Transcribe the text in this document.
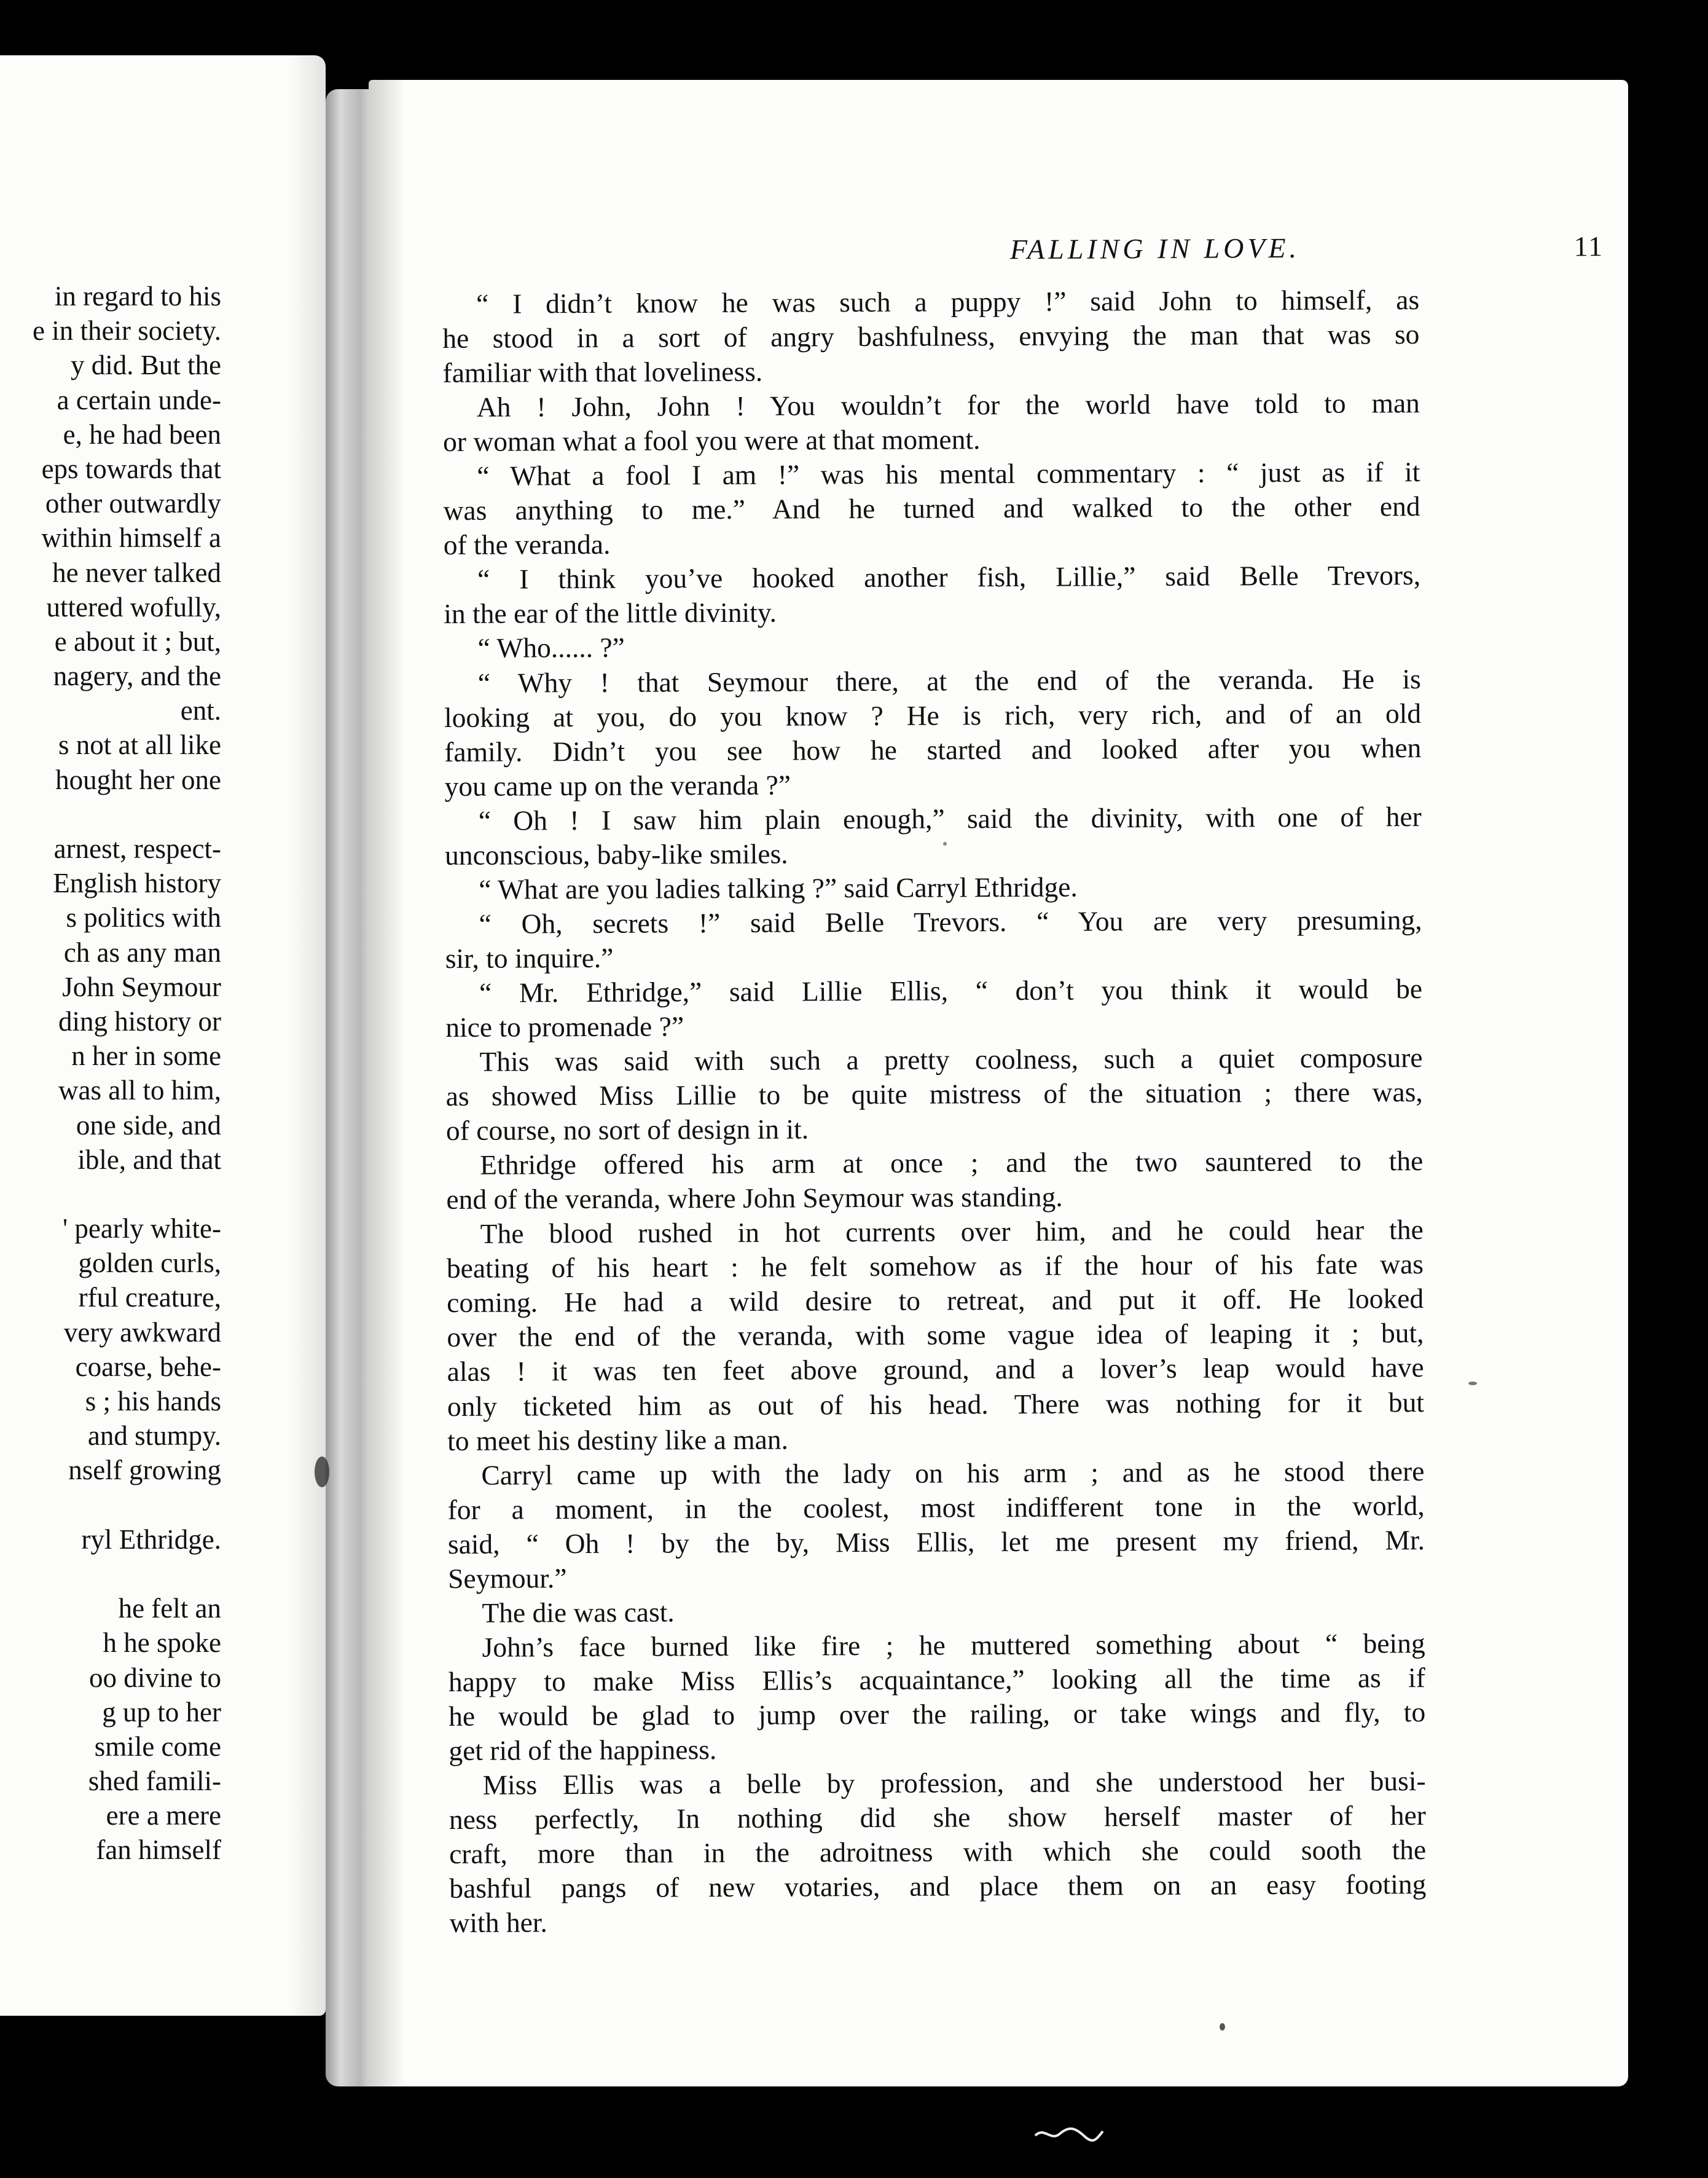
in regard to his
e in their society.
y did. But the
a certain unde-
e, he had been
eps towards that
other outwardly
within himself a
he never talked
uttered wofully,
e about it ; but,
nagery, and the
ent.
s not at all like
hought her one
arnest, respect-
English history
s politics with
ch as any man
John Seymour
ding history or
n her in some
was all to him,
one side, and
ible, and that
' pearly white-
golden curls,
rful creature,
very awkward
coarse, behe-
s ; his hands
and stumpy.
nself growing
ryl Ethridge.
he felt an
h he spoke
oo divine to
g up to her
smile come
shed famili-
ere a mere
fan himself
FALLING IN LOVE.	11
“ I didn’t know he was such a puppy !” said John to himself, as
he stood in a sort of angry bashfulness, envying the man that was so
familiar with that loveliness.
Ah ! John, John ! You wouldn’t for the world have told to man
or woman what a fool you were at that moment.
“ What a fool I am !” was his mental commentary : “ just as if it
was anything to me.” And he turned and walked to the other end
of the veranda.
“ I think you’ve hooked another fish, Lillie,” said Belle Trevors,
in the ear of the little divinity.
“ Who...... ?”
“ Why ! that Seymour there, at the end of the veranda. He is
looking at you, do you know ? He is rich, very rich, and of an old
family. Didn’t you see how he started and looked after you when
you came up on the veranda ?”
“ Oh ! I saw him plain enough,” said the divinity, with one of her
unconscious, baby-like smiles.
“ What are you ladies talking ?” said Carryl Ethridge.
“ Oh, secrets !” said Belle Trevors. “ You are very presuming,
sir, to inquire.”
“ Mr. Ethridge,” said Lillie Ellis, “ don’t you think it would be
nice to promenade ?”
This was said with such a pretty coolness, such a quiet composure
as showed Miss Lillie to be quite mistress of the situation ; there was,
of course, no sort of design in it.
Ethridge offered his arm at once ; and the two sauntered to the
end of the veranda, where John Seymour was standing.
The blood rushed in hot currents over him, and he could hear the
beating of his heart : he felt somehow as if the hour of his fate was
coming. He had a wild desire to retreat, and put it off. He looked
over the end of the veranda, with some vague idea of leaping it ; but,
alas ! it was ten feet above ground, and a lover’s leap would have
only ticketed him as out of his head. There was nothing for it but
to meet his destiny like a man.
Carryl came up with the lady on his arm ; and as he stood there
for a moment, in the coolest, most indifferent tone in the world,
said, “ Oh ! by the by, Miss Ellis, let me present my friend, Mr.
Seymour.”
The die was cast.
John’s face burned like fire ; he muttered something about “ being
happy to make Miss Ellis’s acquaintance,” looking all the time as if
he would be glad to jump over the railing, or take wings and fly, to
get rid of the happiness.
Miss Ellis was a belle by profession, and she understood her busi-
ness perfectly, In nothing did she show herself master of her
craft, more than in the adroitness with which she could sooth the
bashful pangs of new votaries, and place them on an easy footing
with her.
